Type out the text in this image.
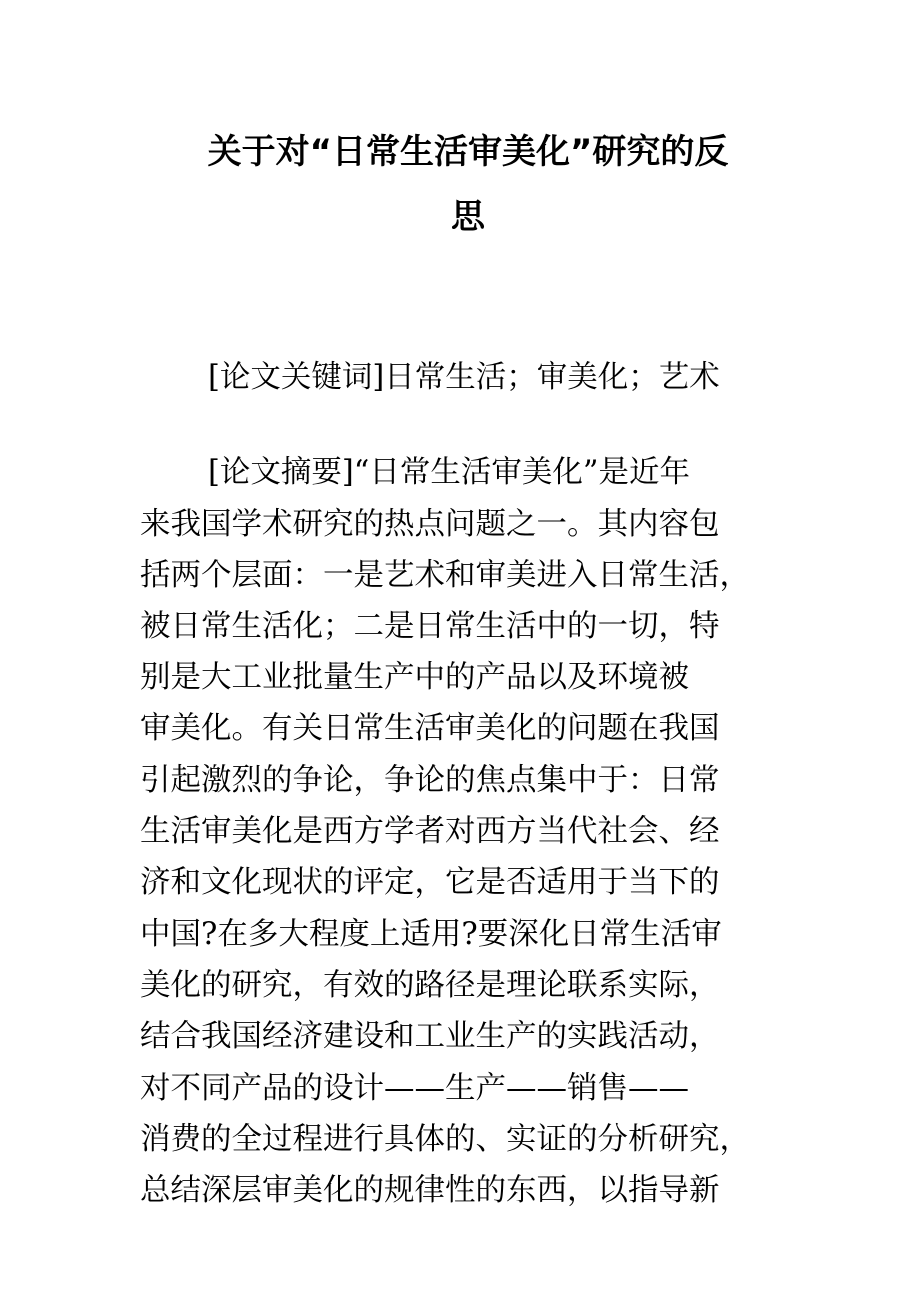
关于对“日常生活审美化”研究的反
思
[论文关键词]日常生活；审美化；艺术
[论文摘要]“日常生活审美化”是近年
来我国学术研究的热点问题之一。其内容包
括两个层面：一是艺术和审美进入日常生活，
被日常生活化；二是日常生活中的一切，特
别是大工业批量生产中的产品以及环境被
审美化。有关日常生活审美化的问题在我国
引起激烈的争论，争论的焦点集中于：日常
生活审美化是西方学者对西方当代社会、经
济和文化现状的评定，它是否适用于当下的
中国?在多大程度上适用?要深化日常生活审
美化的研究，有效的路径是理论联系实际，
结合我国经济建设和工业生产的实践活动，
对不同产品的设计——生产——销售——
消费的全过程进行具体的、实证的分析研究，
总结深层审美化的规律性的东西，以指导新
